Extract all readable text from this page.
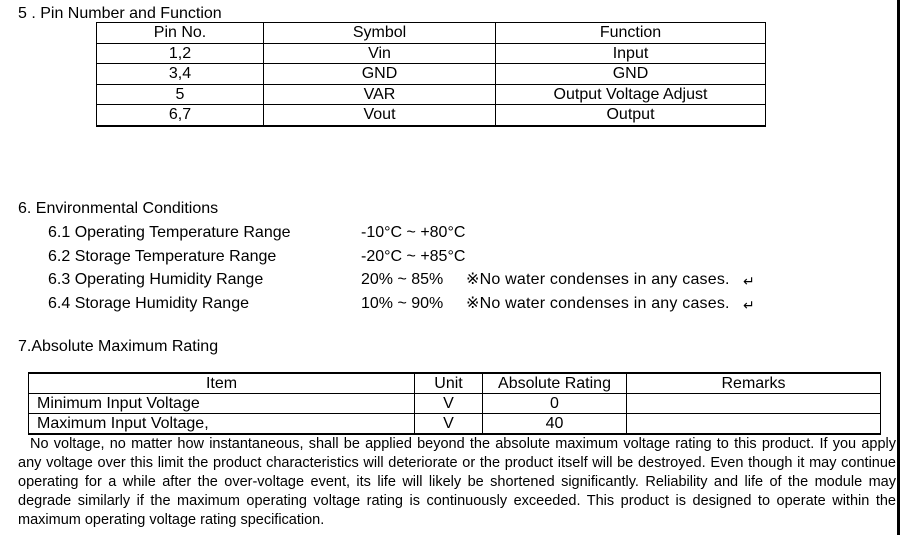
5 . Pin Number and Function
Pin No.	Symbol	Function
1,2	Vin	Input
3,4	GND	GND
5	VAR	Output Voltage Adjust
6,7	Vout	Output
6. Environmental Conditions
6.1 Operating Temperature Range	-10°C ~ +80°C
6.2 Storage Temperature Range	-20°C ~ +85°C
6.3 Operating Humidity Range	20% ~ 85% ※No water condenses in any cases. ↵
6.4 Storage Humidity Range	10% ~ 90% ※No water condenses in any cases. ↵
7.Absolute Maximum Rating
Item	Unit	Absolute Rating	Remarks
Minimum Input Voltage	V	0	
Maximum Input Voltage,	V	40	
No voltage, no matter how instantaneous, shall be applied beyond the absolute maximum voltage rating to this product. If you apply any voltage over this limit the product characteristics will deteriorate or the product itself will be destroyed. Even though it may continue operating for a while after the over-voltage event, its life will likely be shortened significantly. Reliability and life of the module may degrade similarly if the maximum operating voltage rating is continuously exceeded. This product is designed to operate within the maximum operating voltage rating specification.
